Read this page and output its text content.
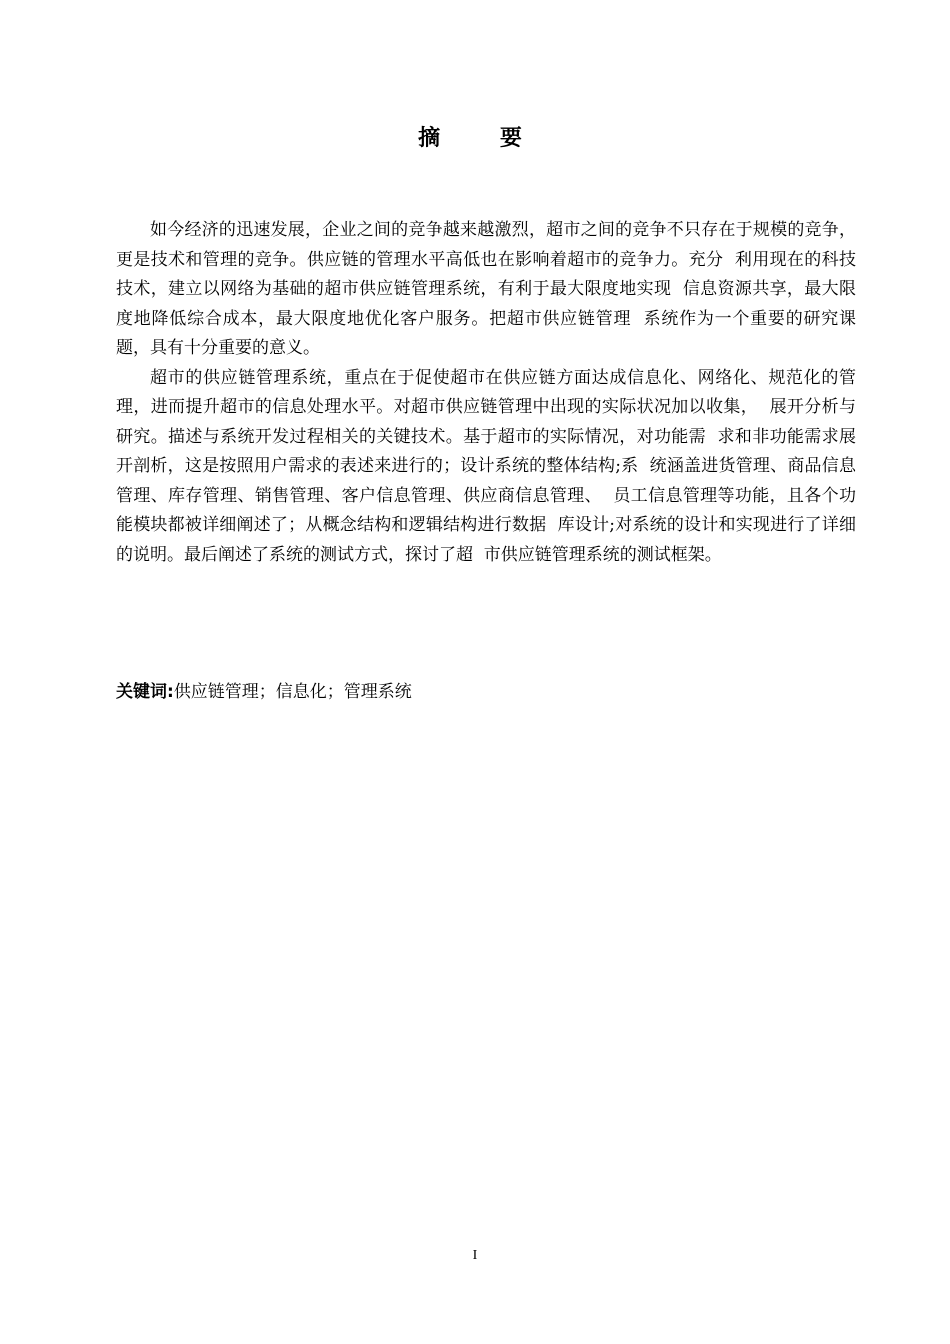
摘 要

如今经济的迅速发展，企业之间的竞争越来越激烈，超市之间的竞争不只存在于规模的竞争，更是技术和管理的竞争。供应链的管理水平高低也在影响着超市的竞争力。充分  利用现在的科技技术，建立以网络为基础的超市供应链管理系统，有利于最大限度地实现  信息资源共享，最大限度地降低综合成本，最大限度地优化客户服务。把超市供应链管理  系统作为一个重要的研究课题，具有十分重要的意义。

超市的供应链管理系统，重点在于促使超市在供应链方面达成信息化、网络化、规范化的管理，进而提升超市的信息处理水平。对超市供应链管理中出现的实际状况加以收集，  展开分析与研究。描述与系统开发过程相关的关键技术。基于超市的实际情况，对功能需  求和非功能需求展开剖析，这是按照用户需求的表述来进行的；设计系统的整体结构;系  统涵盖进货管理、商品信息管理、库存管理、销售管理、客户信息管理、供应商信息管理、  员工信息管理等功能，且各个功能模块都被详细阐述了；从概念结构和逻辑结构进行数据  库设计;对系统的设计和实现进行了详细的说明。最后阐述了系统的测试方式，探讨了超  市供应链管理系统的测试框架。

关键词:供应链管理；信息化；管理系统
I
